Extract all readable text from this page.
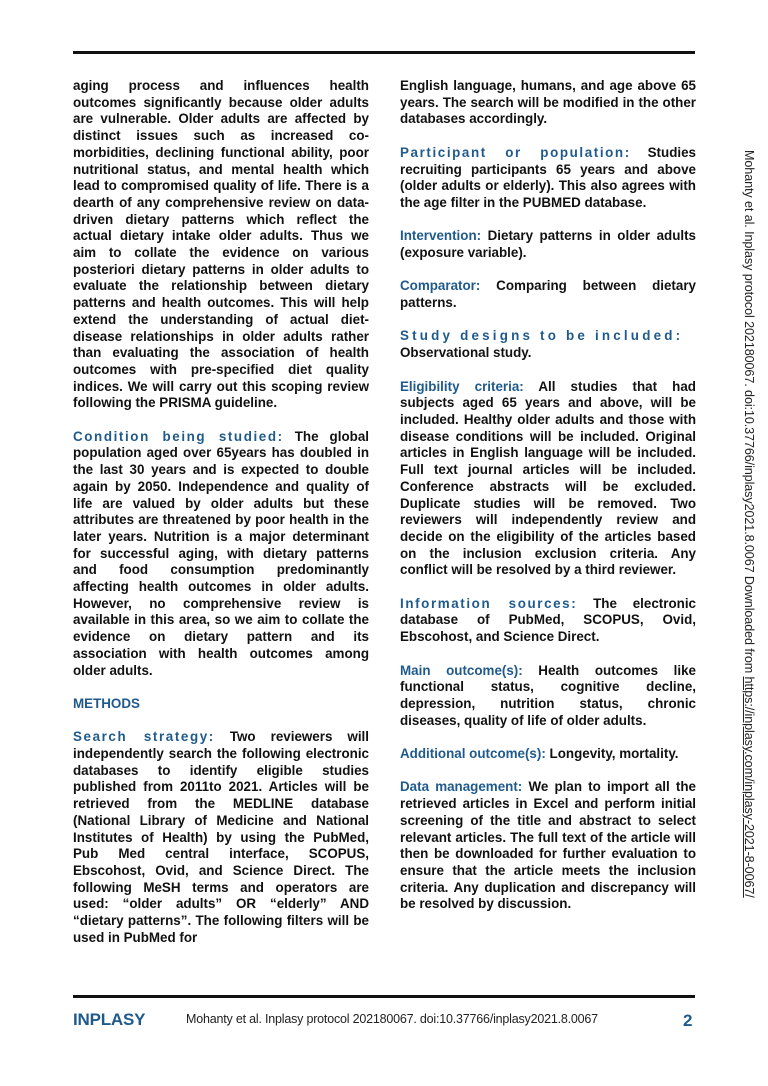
aging process and influences health outcomes significantly because older adults are vulnerable. Older adults are affected by distinct issues such as increased co-morbidities, declining functional ability, poor nutritional status, and mental health which lead to compromised quality of life. There is a dearth of any comprehensive review on data-driven dietary patterns which reflect the actual dietary intake older adults. Thus we aim to collate the evidence on various posteriori dietary patterns in older adults to evaluate the relationship between dietary patterns and health outcomes. This will help extend the understanding of actual diet-disease relationships in older adults rather than evaluating the association of health outcomes with pre-specified diet quality indices. We will carry out this scoping review following the PRISMA guideline.

Condition being studied: The global population aged over 65years has doubled in the last 30 years and is expected to double again by 2050. Independence and quality of life are valued by older adults but these attributes are threatened by poor health in the later years. Nutrition is a major determinant for successful aging, with dietary patterns and food consumption predominantly affecting health outcomes in older adults. However, no comprehensive review is available in this area, so we aim to collate the evidence on dietary pattern and its association with health outcomes among older adults.

METHODS

Search strategy: Two reviewers will independently search the following electronic databases to identify eligible studies published from 2011to 2021. Articles will be retrieved from the MEDLINE database (National Library of Medicine and National Institutes of Health) by using the PubMed, Pub Med central interface, SCOPUS, Ebscohost, Ovid, and Science Direct. The following MeSH terms and operators are used: “older adults” OR “elderly” AND “dietary patterns”. The following filters will be used in PubMed for

English language, humans, and age above 65 years. The search will be modified in the other databases accordingly.

Participant or population: Studies recruiting participants 65 years and above (older adults or elderly). This also agrees with the age filter in the PUBMED database.

Intervention: Dietary patterns in older adults (exposure variable).

Comparator: Comparing between dietary patterns.

Study designs to be included:
Observational study.

Eligibility criteria: All studies that had subjects aged 65 years and above, will be included. Healthy older adults and those with disease conditions will be included. Original articles in English language will be included. Full text journal articles will be included. Conference abstracts will be excluded. Duplicate studies will be removed. Two reviewers will independently review and decide on the eligibility of the articles based on the inclusion exclusion criteria. Any conflict will be resolved by a third reviewer.

Information sources: The electronic database of PubMed, SCOPUS, Ovid, Ebscohost, and Science Direct.

Main outcome(s): Health outcomes like functional status, cognitive decline, depression, nutrition status, chronic diseases, quality of life of older adults.

Additional outcome(s): Longevity, mortality.

Data management: We plan to import all the retrieved articles in Excel and perform initial screening of the title and abstract to select relevant articles. The full text of the article will then be downloaded for further evaluation to ensure that the article meets the inclusion criteria. Any duplication and discrepancy will be resolved by discussion.

Mohanty et al. Inplasy protocol 202180067. doi:10.37766/inplasy2021.8.0067 Downloaded from https://inplasy.com/inplasy-2021-8-0067/
INPLASY	Mohanty et al. Inplasy protocol 202180067. doi:10.37766/inplasy2021.8.0067	2
